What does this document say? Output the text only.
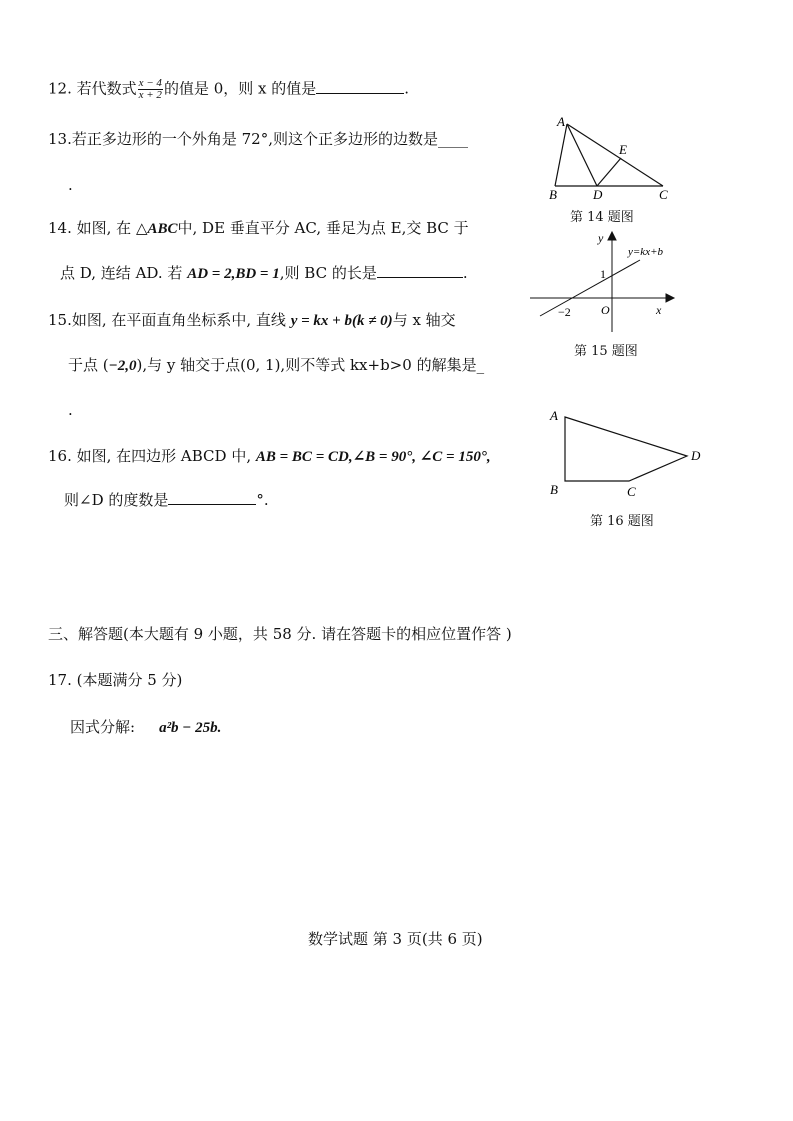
12. 若代数式 $\frac{x - 4}{x + 2}$ 的值是 0，则 x 的值是	.
13.若正多边形的一个外角是 72°,则这个正多边形的边数是____
.
14. 如图, 在 △ABC中, DE 垂直平分 AC, 垂足为点 E,交 BC 于
点 D, 连结 AD. 若 AD = 2,BD = 1,则 BC 的长是	.
15.如图, 在平面直角坐标系中, 直线 y = kx + b(k ≠ 0)与 x 轴交
于点 (−2,0),与 y 轴交于点(0, 1),则不等式 kx+b>0 的解集是_
.
16. 如图, 在四边形 ABCD 中, AB = BC = CD,∠B = 90°, ∠C = 150°,
则∠D 的度数是	°.
三、解答题(本大题有 9 小题，共 58 分. 请在答题卡的相应位置作答 )
17. (本题满分 5 分)
因式分解: a²b − 25b.
数学试题 第 3 页(共 6 页)
A
B	D	C
E
第 14 题图
y
y=kx+b
1
−2	O	x
第 15 题图
A
B	C
D
第 16 题图
